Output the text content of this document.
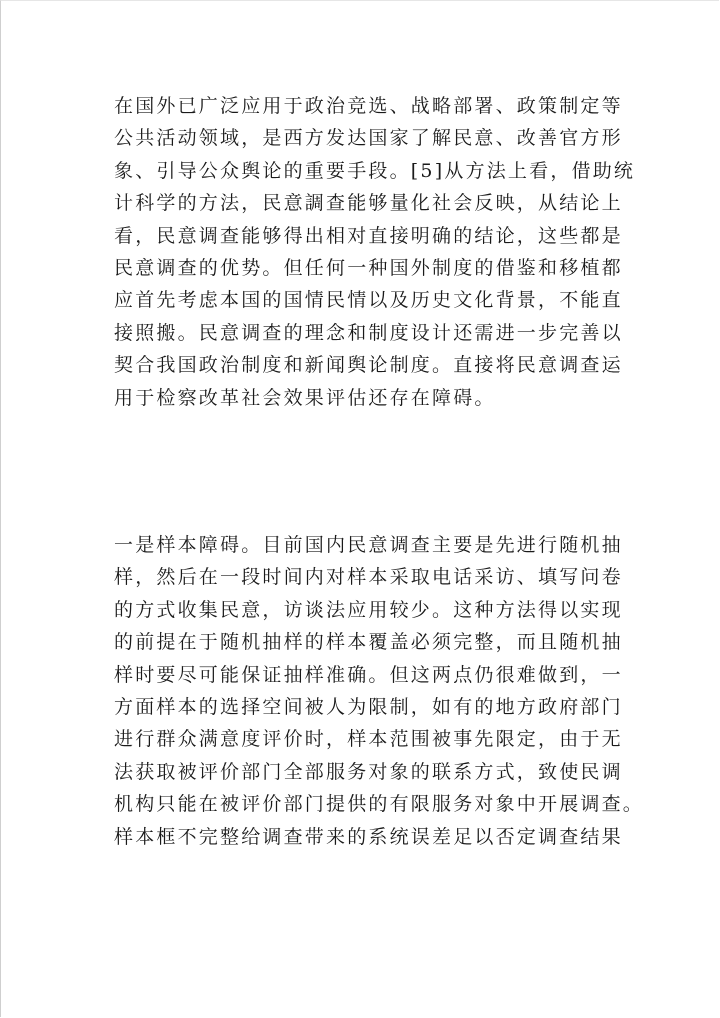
在国外已广泛应用于政治竞选、战略部署、政策制定等
公共活动领域，是西方发达国家了解民意、改善官方形
象、引导公众舆论的重要手段。[5]从方法上看，借助统
计科学的方法，民意調查能够量化社会反映，从结论上
看，民意调查能够得出相对直接明确的结论，这些都是
民意调查的优势。但任何一种国外制度的借鉴和移植都
应首先考虑本国的国情民情以及历史文化背景，不能直
接照搬。民意调查的理念和制度设计还需进一步完善以
契合我国政治制度和新闻舆论制度。直接将民意调查运
用于检察改革社会效果评估还存在障碍。
一是样本障碍。目前国内民意调查主要是先进行随机抽
样，然后在一段时间内对样本采取电话采访、填写问卷
的方式收集民意，访谈法应用较少。这种方法得以实现
的前提在于随机抽样的样本覆盖必须完整，而且随机抽
样时要尽可能保证抽样准确。但这两点仍很难做到，一
方面样本的选择空间被人为限制，如有的地方政府部门
进行群众满意度评价时，样本范围被事先限定，由于无
法获取被评价部门全部服务对象的联系方式，致使民调
机构只能在被评价部门提供的有限服务对象中开展调查。
样本框不完整给调查带来的系统误差足以否定调查结果
